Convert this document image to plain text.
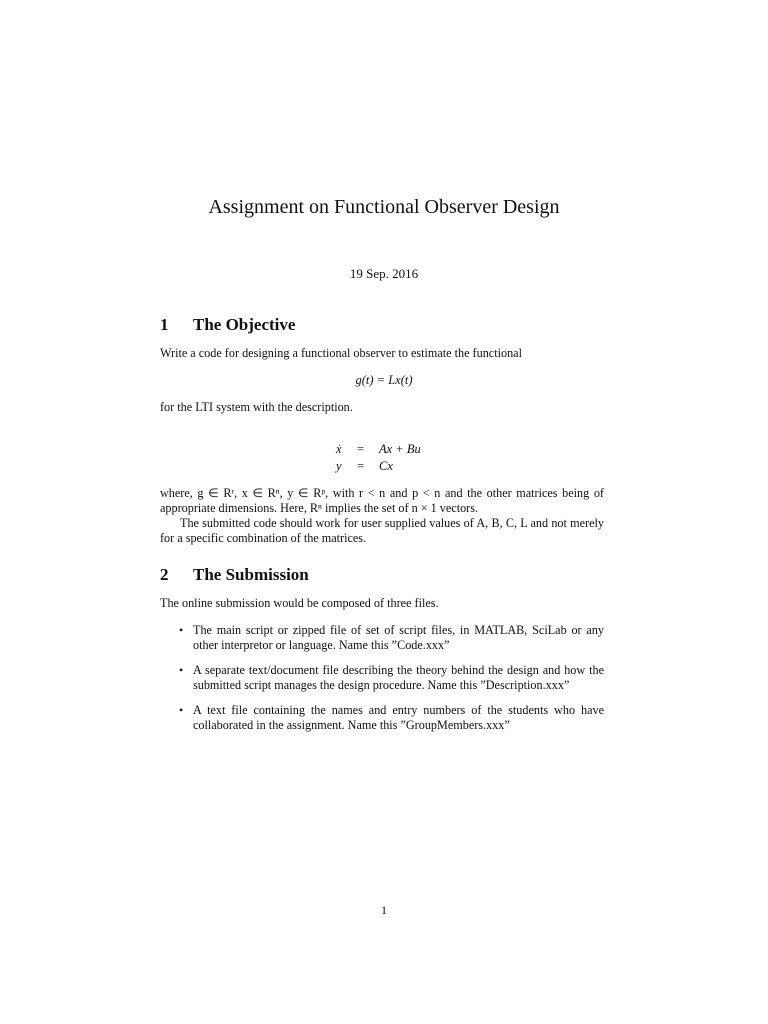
Assignment on Functional Observer Design
19 Sep. 2016
1 The Objective
Write a code for designing a functional observer to estimate the functional
g(t) = Lx(t)
for the LTI system with the description.
ẋ = Ax + Bu
y = Cx
where, g ∈ Rʳ, x ∈ Rⁿ, y ∈ Rᵖ, with r < n and p < n and the other matrices being of appropriate dimensions. Here, Rⁿ implies the set of n × 1 vectors.
The submitted code should work for user supplied values of A, B, C, L and not merely for a specific combination of the matrices.
2 The Submission
The online submission would be composed of three files.
• The main script or zipped file of set of script files, in MATLAB, SciLab or any other interpretor or language. Name this ”Code.xxx”
• A separate text/document file describing the theory behind the design and how the submitted script manages the design procedure. Name this ”Description.xxx”
• A text file containing the names and entry numbers of the students who have collaborated in the assignment. Name this ”GroupMembers.xxx”
1
